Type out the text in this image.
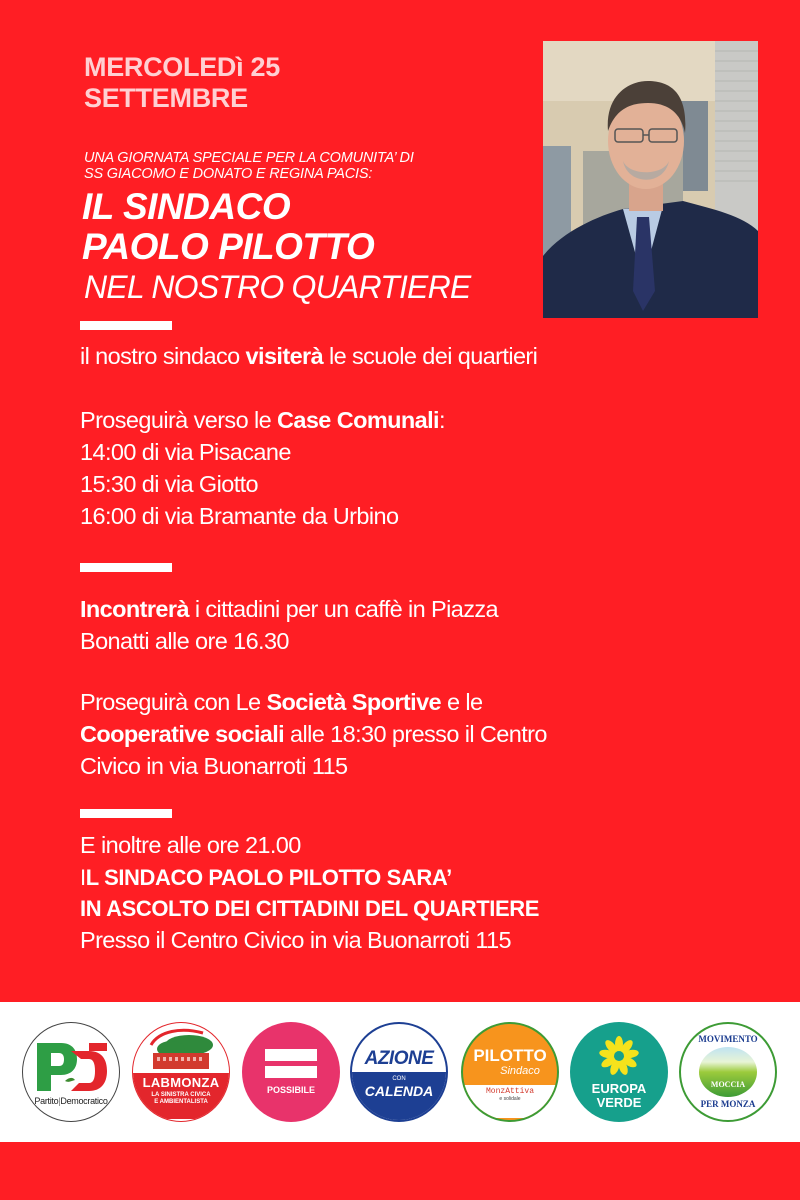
MERCOLEDì 25
SETTEMBRE
UNA GIORNATA SPECIALE PER LA COMUNITA’ DI
SS GIACOMO E DONATO E REGINA PACIS:
IL SINDACO
PAOLO PILOTTO
NEL NOSTRO QUARTIERE
il nostro sindaco visiterà le scuole dei quartieri
Proseguirà verso le Case Comunali:
14:00 di via Pisacane
15:30 di via Giotto
16:00 di via Bramante da Urbino
Incontrerà i cittadini per un caffè in Piazza
Bonatti alle ore 16.30
Proseguirà con Le Società Sportive e le
Cooperative sociali alle 18:30 presso il Centro
Civico in via Buonarroti 115
E inoltre alle ore 21.00
IL SINDACO PAOLO PILOTTO SARA’
IN ASCOLTO DEI CITTADINI DEL QUARTIERE
Presso il Centro Civico in via Buonarroti 115
Partito|Democratico
LABMONZA
LA SINISTRA CIVICA
E AMBIENTALISTA
POSSIBILE
AZIONE
CON
CALENDA
PILOTTO
Sindaco
MonzAttiva
e solidale
EUROPA
VERDE
MOVIMENTO
MOCCIA
PER MONZA
